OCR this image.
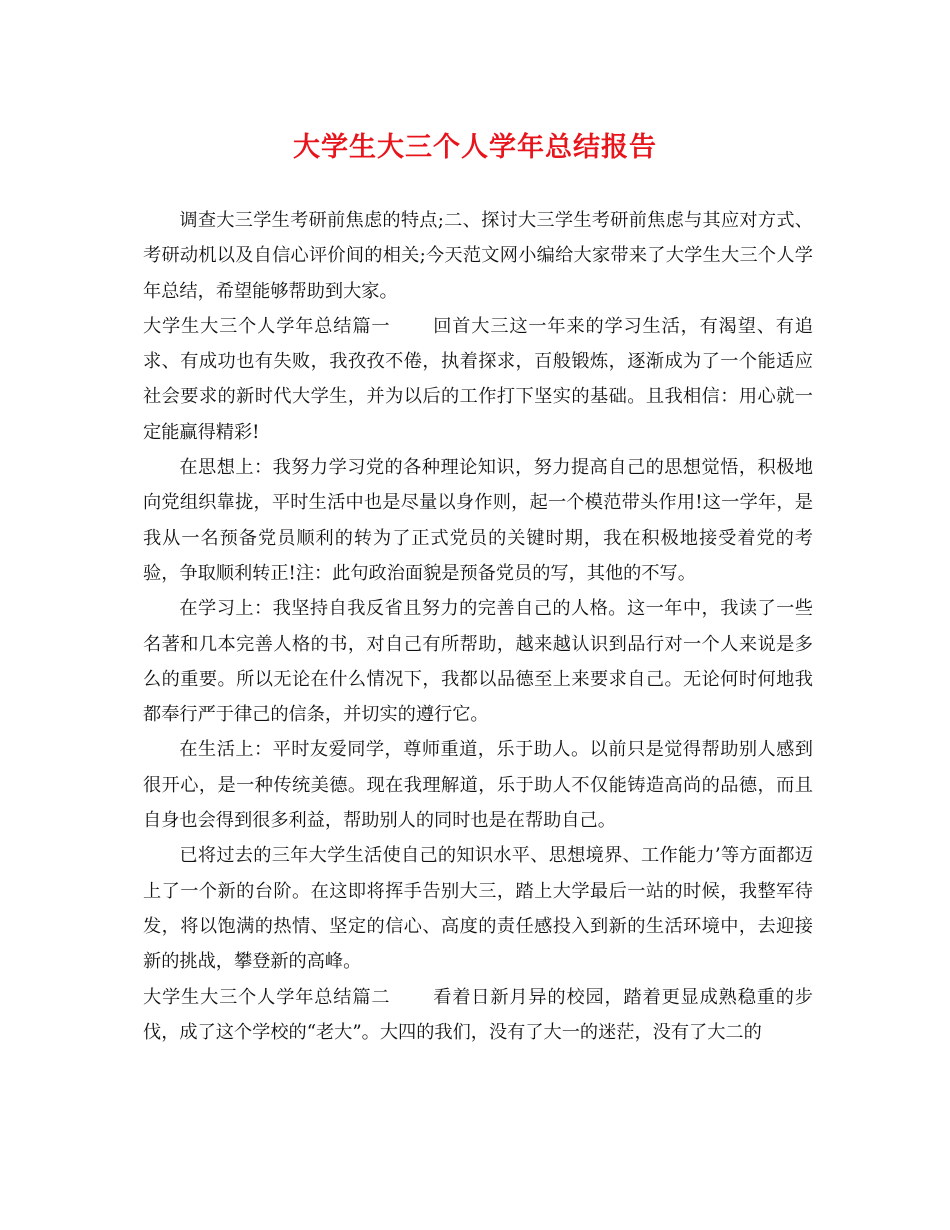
大学生大三个人学年总结报告

调查大三学生考研前焦虑的特点;二、探讨大三学生考研前焦虑与其应对方式、考研动机以及自信心评价间的相关;今天范文网小编给大家带来了大学生大三个人学年总结，希望能够帮助到大家。

大学生大三个人学年总结篇一 回首大三这一年来的学习生活，有渴望、有追求、有成功也有失败，我孜孜不倦，执着探求，百般锻炼，逐渐成为了一个能适应社会要求的新时代大学生，并为以后的工作打下坚实的基础。且我相信：用心就一定能赢得精彩!

在思想上：我努力学习党的各种理论知识，努力提高自己的思想觉悟，积极地向党组织靠拢，平时生活中也是尽量以身作则，起一个模范带头作用!这一学年，是我从一名预备党员顺利的转为了正式党员的关键时期，我在积极地接受着党的考验，争取顺利转正!注：此句政治面貌是预备党员的写，其他的不写。

在学习上：我坚持自我反省且努力的完善自己的人格。这一年中，我读了一些名著和几本完善人格的书，对自己有所帮助，越来越认识到品行对一个人来说是多么的重要。所以无论在什么情况下，我都以品德至上来要求自己。无论何时何地我都奉行严于律己的信条，并切实的遵行它。

在生活上：平时友爱同学，尊师重道，乐于助人。以前只是觉得帮助别人感到很开心，是一种传统美德。现在我理解道，乐于助人不仅能铸造高尚的品德，而且自身也会得到很多利益，帮助别人的同时也是在帮助自己。

已将过去的三年大学生活使自己的知识水平、思想境界、工作能力’等方面都迈上了一个新的台阶。在这即将挥手告别大三，踏上大学最后一站的时候，我整军待发，将以饱满的热情、坚定的信心、高度的责任感投入到新的生活环境中，去迎接新的挑战，攀登新的高峰。

大学生大三个人学年总结篇二 看着日新月异的校园，踏着更显成熟稳重的步伐，成了这个学校的“老大”。大四的我们，没有了大一的迷茫，没有了大二的
